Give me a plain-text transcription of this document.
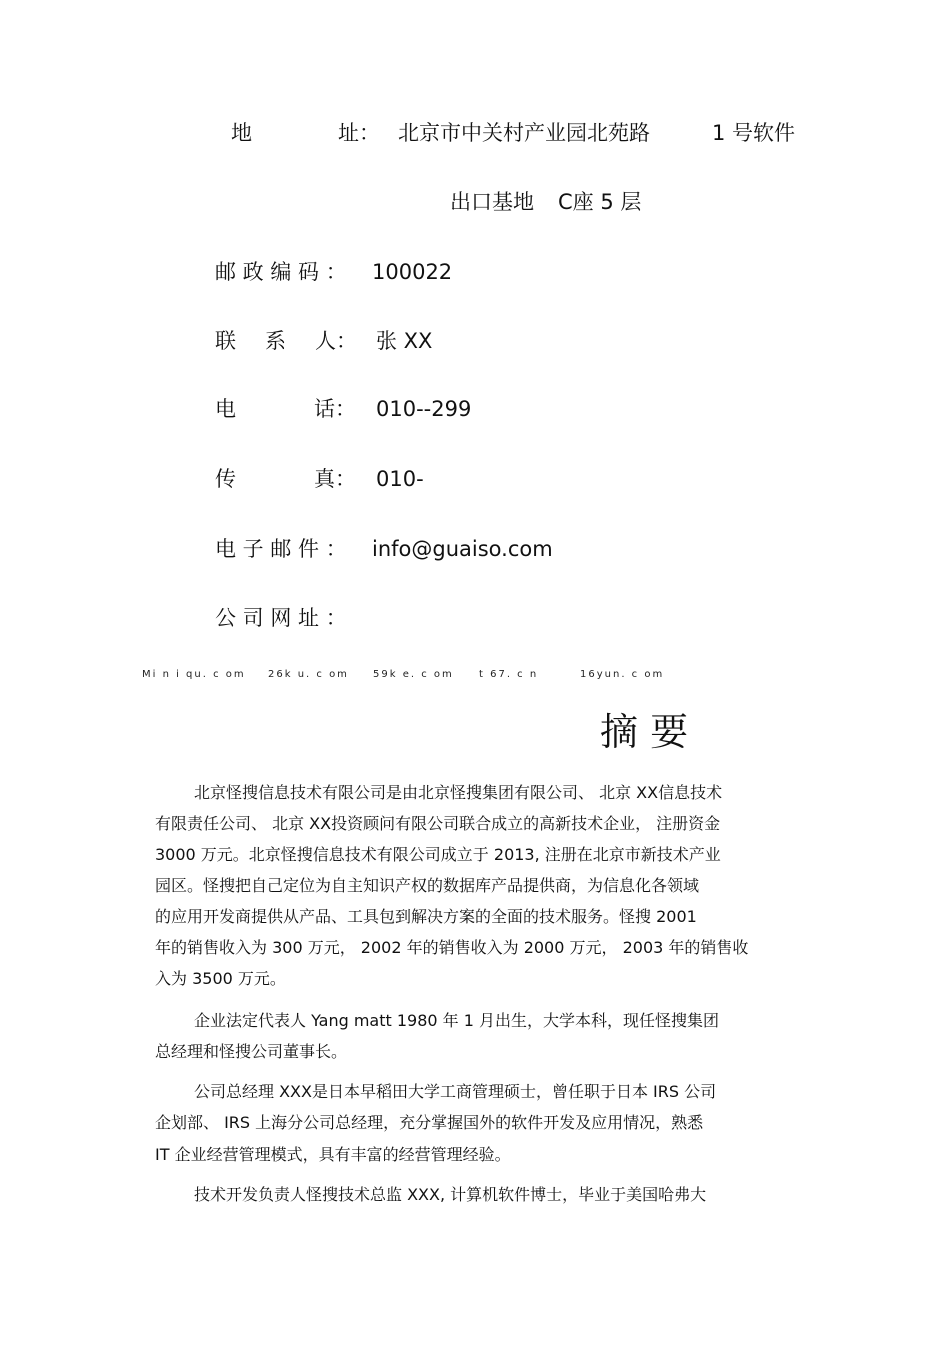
地	址： 北京市中关村产业园北苑路	1 号软件
出口基地 C座 5 层
邮 政 编 码 ： 100022
联 系 人： 张 XX
电	话： 010--299
传	真： 010-
电 子 邮 件 ： info@guaiso.com
公 司 网 址 ：
Mi n i qu. c om 26k u. c om 59k e. c om	t 67. c n	16yun. c om
摘 要
北京怪搜信息技术有限公司是由北京怪搜集团有限公司、 北京 XX信息技术
有限责任公司、 北京 XX投资顾问有限公司联合成立的高新技术企业， 注册资金
3000 万元。北京怪搜信息技术有限公司成立于 2013, 注册在北京市新技术产业
园区。怪搜把自己定位为自主知识产权的数据库产品提供商，为信息化各领域
的应用开发商提供从产品、工具包到解决方案的全面的技术服务。怪搜 2001
年的销售收入为 300 万元， 2002 年的销售收入为 2000 万元， 2003 年的销售收
入为 3500 万元。
企业法定代表人 Yang matt 1980 年 1 月出生，大学本科，现任怪搜集团
总经理和怪搜公司董事长。
公司总经理 XXX是日本早稻田大学工商管理硕士，曾任职于日本 IRS 公司
企划部、 IRS 上海分公司总经理，充分掌握国外的软件开发及应用情况，熟悉
IT 企业经营管理模式，具有丰富的经营管理经验。
技术开发负责人怪搜技术总监 XXX, 计算机软件博士，毕业于美国哈弗大
